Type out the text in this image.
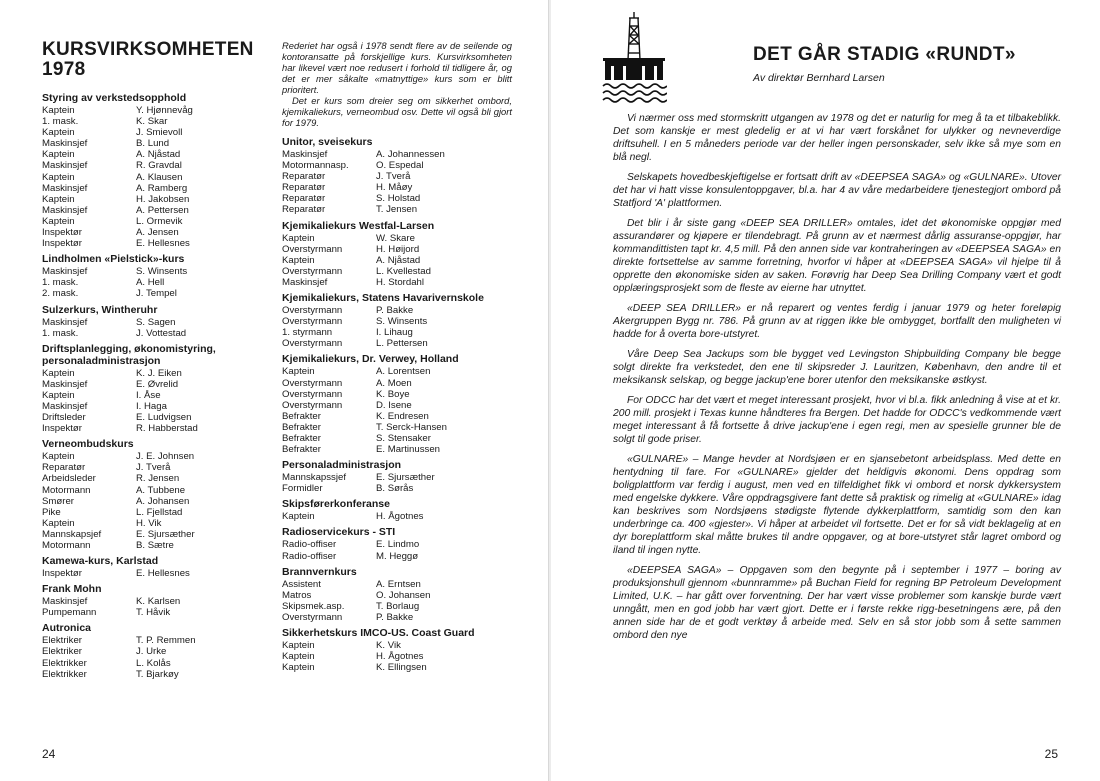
KURSVIRKSOMHETEN
1978
Styring av verkstedsopphold
Kaptein	Y. Hjønnevåg
1. mask.	K. Skar
Kaptein	J. Smievoll
Maskinsjef	B. Lund
Kaptein	A. Njåstad
Maskinsjef	R. Gravdal
Kaptein	A. Klausen
Maskinsjef	A. Ramberg
Kaptein	H. Jakobsen
Maskinsjef	A. Pettersen
Kaptein	L. Ormevik
Inspektør	A. Jensen
Inspektør	E. Hellesnes
Lindholmen «Pielstick»-kurs
Maskinsjef	S. Winsents
1. mask.	A. Hell
2. mask.	J. Tempel
Sulzerkurs, Wintheruhr
Maskinsjef	S. Sagen
1. mask.	J. Vottestad
Driftsplanlegging, økonomistyring, personaladministrasjon
Kaptein	K. J. Eiken
Maskinsjef	E. Øvrelid
Kaptein	I. Åse
Maskinsjef	I. Haga
Driftsleder	E. Ludvigsen
Inspektør	R. Habberstad
Verneombudskurs
Kaptein	J. E. Johnsen
Reparatør	J. Tverå
Arbeidsleder	R. Jensen
Motormann	A. Tubbene
Smører	A. Johansen
Pike	L. Fjellstad
Kaptein	H. Vik
Mannskapsjef	E. Sjursæther
Motormann	B. Sætre
Kamewa-kurs, Karlstad
Inspektør	E. Hellesnes
Frank Mohn
Maskinsjef	K. Karlsen
Pumpemann	T. Håvik
Autronica
Elektriker	T. P. Remmen
Elektriker	J. Urke
Elektrikker	L. Kolås
Elektrikker	T. Bjarkøy

Rederiet har også i 1978 sendt flere av de seilende og kontoransatte på forskjellige kurs. Kursvirksomheten har likevel vært noe redusert i forhold til tidligere år, og det er mer såkalte «matnyttige» kurs som er blitt prioritert.

Det er kurs som dreier seg om sikkerhet ombord, kjemikaliekurs, verneombud osv. Dette vil også bli gjort for 1979.

Unitor, sveisekurs
Maskinsjef	A. Johannessen
Motormannasp.	O. Espedal
Reparatør	J. Tverå
Reparatør	H. Måøy
Reparatør	S. Holstad
Reparatør	T. Jensen
Kjemikaliekurs Westfal-Larsen
Kaptein	W. Skare
Overstyrmann	H. Høijord
Kaptein	A. Njåstad
Overstyrmann	L. Kvellestad
Maskinsjef	H. Stordahl
Kjemikaliekurs, Statens Havarivernskole
Overstyrmann	P. Bakke
Overstyrmann	S. Winsents
1. styrmann	I. Lihaug
Overstyrmann	L. Pettersen
Kjemikaliekurs, Dr. Verwey, Holland
Kaptein	A. Lorentsen
Overstyrmann	A. Moen
Overstyrmann	K. Boye
Overstyrmann	D. Isene
Befrakter	K. Endresen
Befrakter	T. Serck-Hansen
Befrakter	S. Stensaker
Befrakter	E. Martinussen
Personaladministrasjon
Mannskapssjef	E. Sjursæther
Formidler	B. Sørås
Skipsførerkonferanse
Kaptein	H. Ågotnes
Radioservicekurs - STI
Radio-offiser	E. Lindmo
Radio-offiser	M. Heggø
Brannvernkurs
Assistent	A. Erntsen
Matros	O. Johansen
Skipsmek.asp.	T. Borlaug
Overstyrmann	P. Bakke
Sikkerhetskurs IMCO-US. Coast Guard
Kaptein	K. Vik
Kaptein	H. Ågotnes
Kaptein	K. Ellingsen
24
DET GÅR STADIG «RUNDT»
Av direktør Bernhard Larsen

Vi nærmer oss med stormskritt utgangen av 1978 og det er naturlig for meg å ta et tilbakeblikk. Det som kanskje er mest gledelig er at vi har vært forskånet for ulykker og nevneverdige driftsuhell. I en 5 måneders periode var der heller ingen personskader, selv ikke så mye som en blå negl.

Selskapets hovedbeskjeftigelse er fortsatt drift av «DEEPSEA SAGA» og «GULNARE». Utover det har vi hatt visse konsulentoppgaver, bl.a. har 4 av våre medarbeidere tjenestegjort ombord på Statfjord 'A' plattformen.

Det blir i år siste gang «DEEP SEA DRILLER» omtales, idet det økonomiske oppgjør med assurandører og kjøpere er tilendebragt. På grunn av et nærmest dårlig assuranse-oppgjør, har kommandittisten tapt kr. 4,5 mill. På den annen side var kontraheringen av «DEEPSEA SAGA» en direkte fortsettelse av samme forretning, hvorfor vi håper at «DEEPSEA SAGA» vil hjelpe til å opprette den økonomiske siden av saken. Forøvrig har Deep Sea Drilling Company vært et godt opplæringsprosjekt som de fleste av eierne har utnyttet.

«DEEP SEA DRILLER» er nå reparert og ventes ferdig i januar 1979 og heter foreløpig Akergruppen Bygg nr. 786. På grunn av at riggen ikke ble ombygget, bortfallt den muligheten vi hadde for å overta bore-utstyret.

Våre Deep Sea Jackups som ble bygget ved Levingston Shipbuilding Company ble begge solgt direkte fra verkstedet, den ene til skipsreder J. Lauritzen, København, den andre til et meksikansk selskap, og begge jackup'ene borer utenfor den meksikanske østkyst.

For ODCC har det vært et meget interessant prosjekt, hvor vi bl.a. fikk anledning å vise at et kr. 200 mill. prosjekt i Texas kunne håndteres fra Bergen. Det hadde for ODCC's vedkommende vært meget interessant å få fortsette å drive jackup'ene i egen regi, men av spesielle grunner ble de solgt til gode priser.

«GULNARE» – Mange hevder at Nordsjøen er en sjansebetont arbeidsplass. Med dette en hentydning til fare. For «GULNARE» gjelder det heldigvis økonomi. Dens oppdrag som boligplattform var ferdig i august, men ved en tilfeldighet fikk vi ombord et norsk dykkersystem med engelske dykkere. Våre oppdragsgivere fant dette så praktisk og rimelig at «GULNARE» idag kan beskrives som Nordsjøens stødigste flytende dykkerplattform, samtidig som den kan underbringe ca. 400 «gjester». Vi håper at arbeidet vil fortsette. Det er for så vidt beklagelig at en dyr boreplattform skal måtte brukes til andre oppgaver, og at bore-utstyret står lagret ombord og iland til ingen nytte.

«DEEPSEA SAGA» – Oppgaven som den begynte på i september i 1977 – boring av produksjonshull gjennom «bunnramme» på Buchan Field for regning BP Petroleum Development Limited, U.K. – har gått over forventning. Der har vært visse problemer som kanskje burde vært unngått, men en god jobb har vært gjort. Dette er i første rekke rigg-besetningens ære, på den annen side har de et godt verktøy å arbeide med. Selv en så stor jobb som å sette sammen ombord den nye

25
